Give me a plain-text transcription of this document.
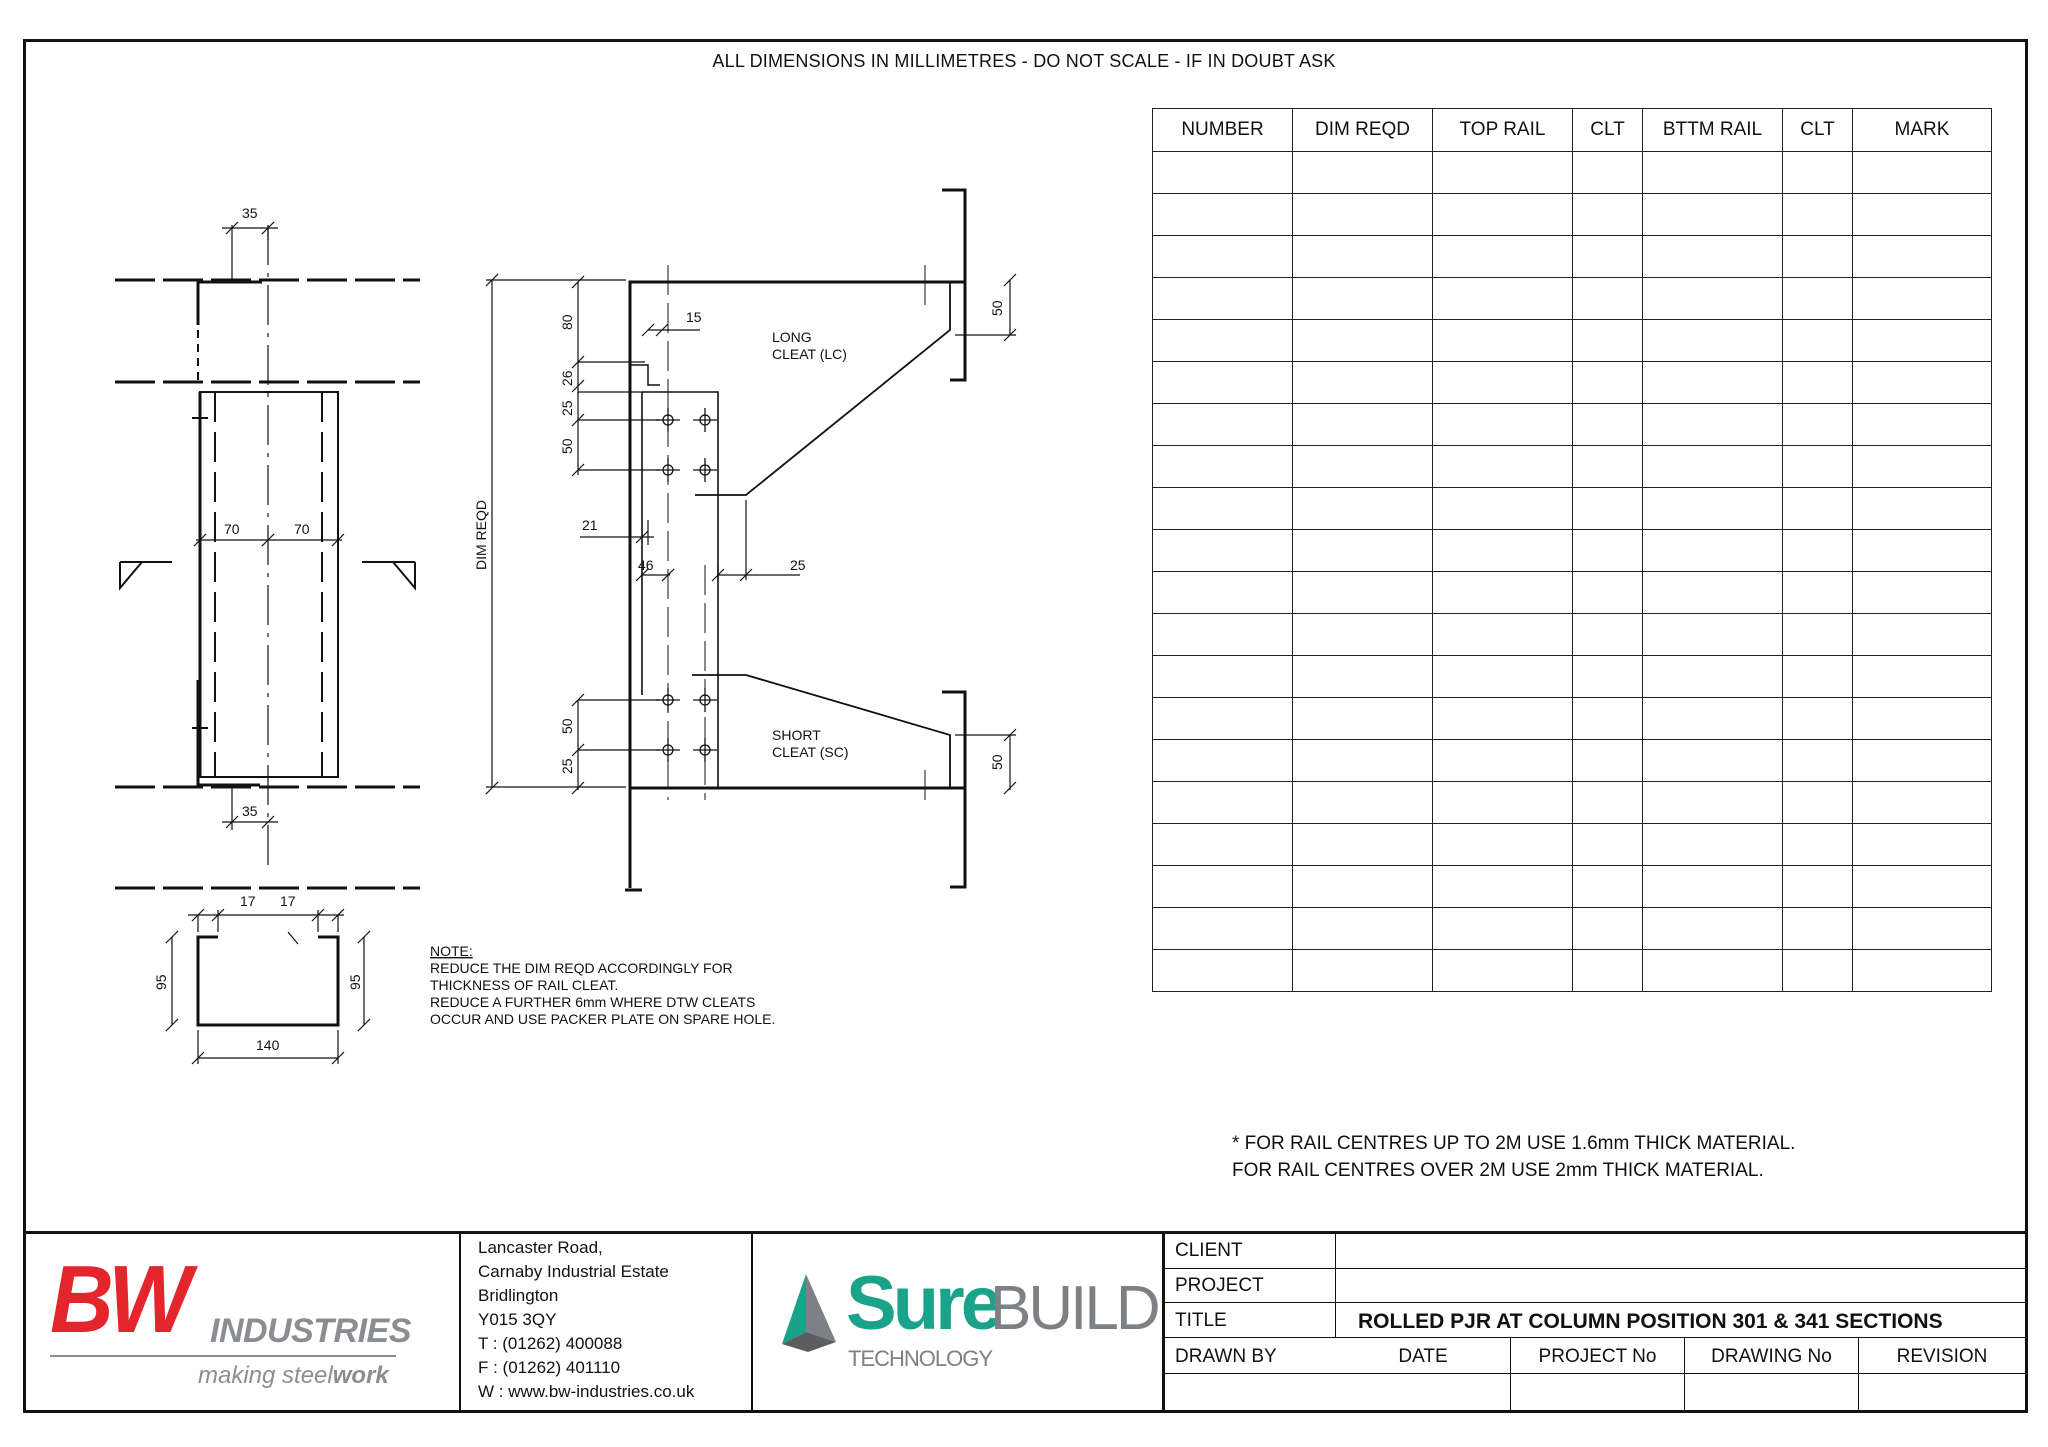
ALL DIMENSIONS IN MILLIMETRES - DO NOT SCALE - IF IN DOUBT ASK
NUMBER	DIM REQD	TOP RAIL	CLT	BTTM RAIL	CLT	MARK

* FOR RAIL CENTRES UP TO 2M USE 1.6mm THICK MATERIAL.
FOR RAIL CENTRES OVER 2M USE 2mm THICK MATERIAL.
35
70	70
35
17 17
95	95
140
DIM REQD
80	15
26
25
50
21
46	25
50
25
50
50
LONG
CLEAT (LC)
SHORT
CLEAT (SC)
NOTE:
REDUCE THE DIM REQD ACCORDINGLY FOR
THICKNESS OF RAIL CLEAT.
REDUCE A FURTHER 6mm WHERE DTW CLEATS
OCCUR AND USE PACKER PLATE ON SPARE HOLE.
BW INDUSTRIES
making steelwork
Lancaster Road,
Carnaby Industrial Estate
Bridlington
Y015 3QY
T : (01262) 400088
F : (01262) 401110
W : www.bw-industries.co.uk
Sure
BUILD
TECHNOLOGY
CLIENT
PROJECT
TITLE	ROLLED PJR AT COLUMN POSITION 301 & 341 SECTIONS
DRAWN BY	DATE	PROJECT No	DRAWING No	REVISION
